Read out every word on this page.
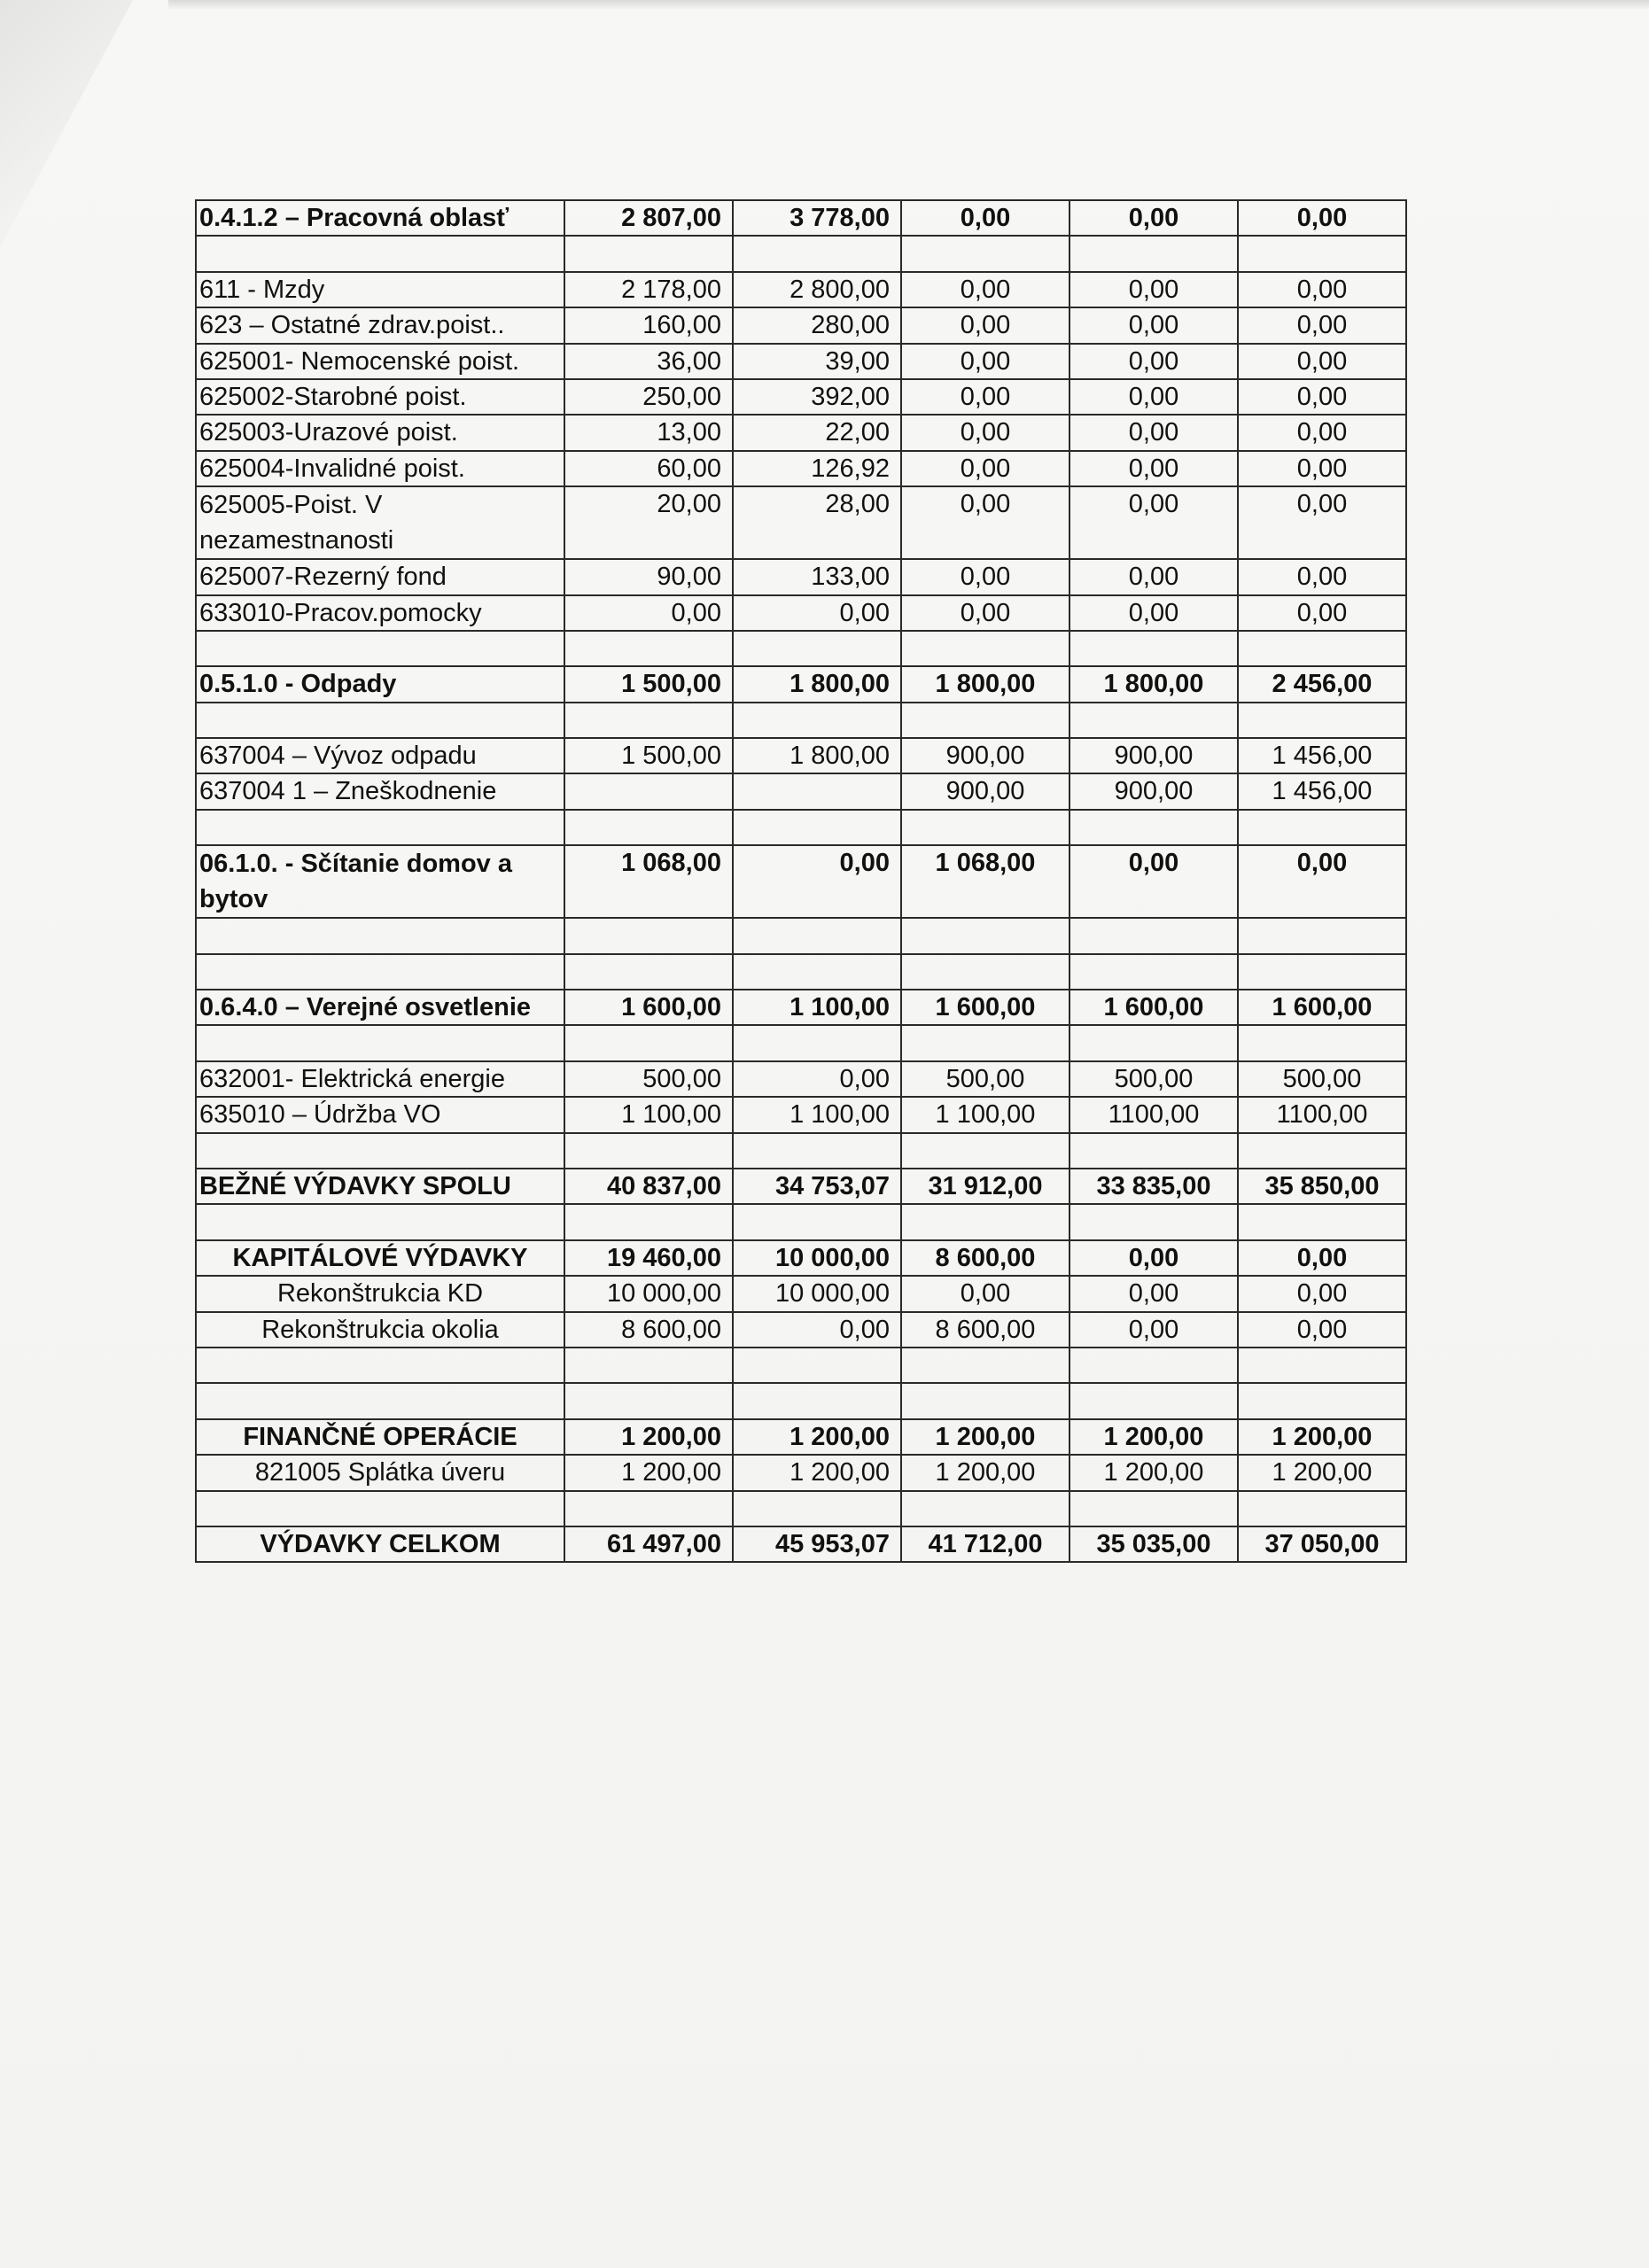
0.4.1.2 – Pracovná oblasť	2 807,00	3 778,00	0,00	0,00	0,00

611 - Mzdy	2 178,00	2 800,00	0,00	0,00	0,00
623 – Ostatné zdrav.poist..	160,00	280,00	0,00	0,00	0,00
625001- Nemocenské poist.	36,00	39,00	0,00	0,00	0,00
625002-Starobné poist.	250,00	392,00	0,00	0,00	0,00
625003-Urazové poist.	13,00	22,00	0,00	0,00	0,00
625004-Invalidné poist.	60,00	126,92	0,00	0,00	0,00
625005-Poist. V nezamestnanosti	20,00	28,00	0,00	0,00	0,00
625007-Rezerný fond	90,00	133,00	0,00	0,00	0,00
633010-Pracov.pomocky	0,00	0,00	0,00	0,00	0,00

0.5.1.0 - Odpady	1 500,00	1 800,00	1 800,00	1 800,00	2 456,00

637004 – Vývoz odpadu	1 500,00	1 800,00	900,00	900,00	1 456,00
637004 1 – Zneškodnenie			900,00	900,00	1 456,00

06.1.0. - Sčítanie domov a bytov	1 068,00	0,00	1 068,00	0,00	0,00

0.6.4.0 – Verejné osvetlenie	1 600,00	1 100,00	1 600,00	1 600,00	1 600,00

632001- Elektrická energie	500,00	0,00	500,00	500,00	500,00
635010 – Údržba VO	1 100,00	1 100,00	1 100,00	1100,00	1100,00

BEŽNÉ VÝDAVKY SPOLU	40 837,00	34 753,07	31 912,00	33 835,00	35 850,00

KAPITÁLOVÉ VÝDAVKY	19 460,00	10 000,00	8 600,00	0,00	0,00
Rekonštrukcia KD	10 000,00	10 000,00	0,00	0,00	0,00
Rekonštrukcia okolia	8 600,00	0,00	8 600,00	0,00	0,00

FINANČNÉ OPERÁCIE	1 200,00	1 200,00	1 200,00	1 200,00	1 200,00
821005 Splátka úveru	1 200,00	1 200,00	1 200,00	1 200,00	1 200,00

VÝDAVKY CELKOM	61 497,00	45 953,07	41 712,00	35 035,00	37 050,00
